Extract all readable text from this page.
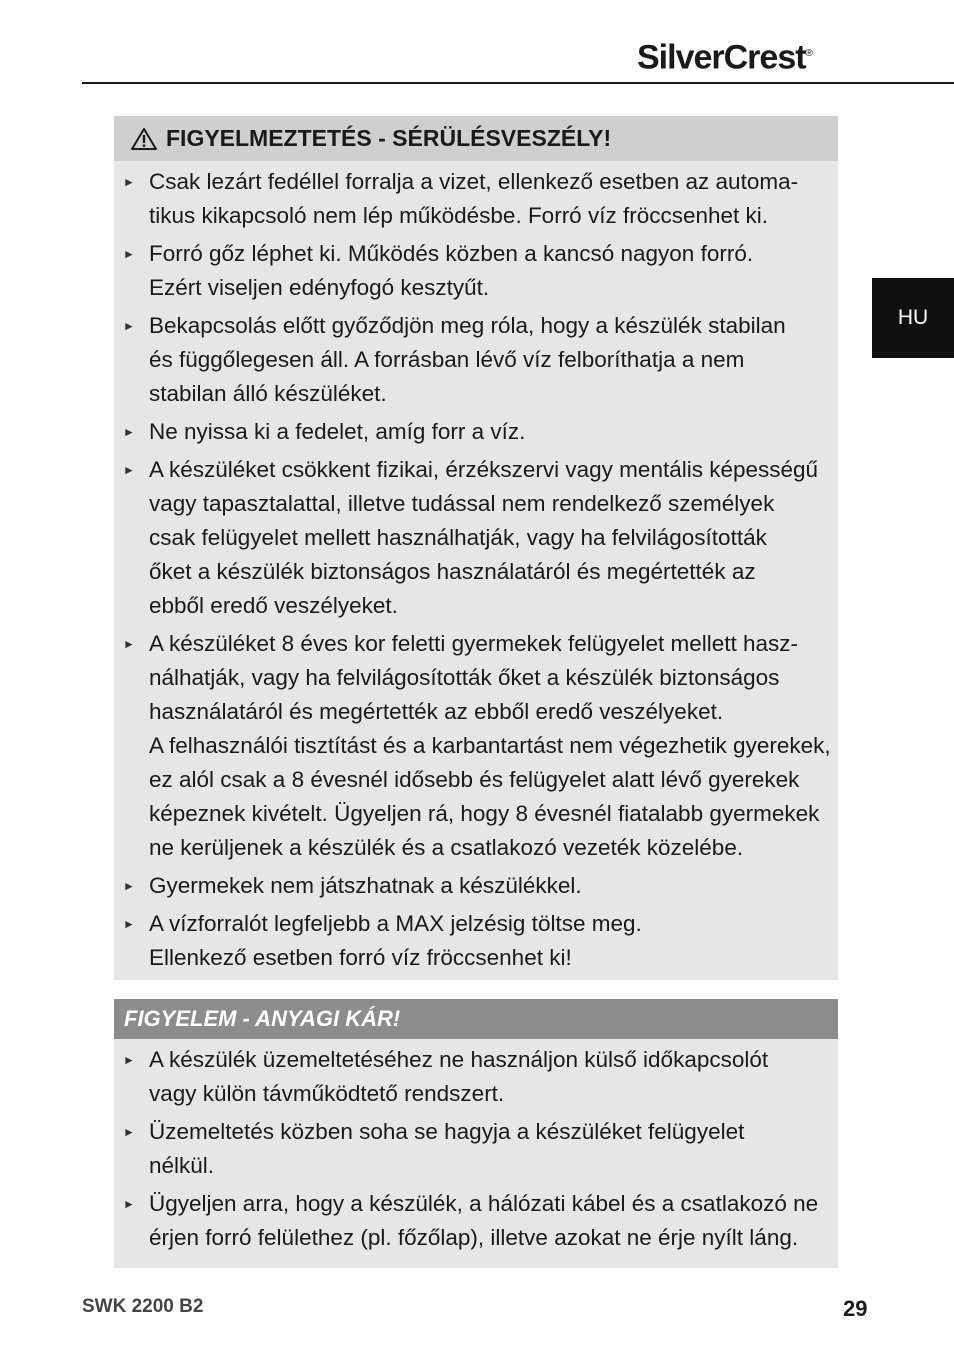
SilverCrest®
HU
FIGYELMEZTETÉS - SÉRÜLÉSVESZÉLY!
► Csak lezárt fedéllel forralja a vizet, ellenkező esetben az automa-
tikus kikapcsoló nem lép működésbe. Forró víz fröccsenhet ki.
► Forró gőz léphet ki. Működés közben a kancsó nagyon forró.
Ezért viseljen edényfogó kesztyűt.
► Bekapcsolás előtt győződjön meg róla, hogy a készülék stabilan
és függőlegesen áll. A forrásban lévő víz felboríthatja a nem
stabilan álló készüléket.
► Ne nyissa ki a fedelet, amíg forr a víz.
► A készüléket csökkent fizikai, érzékszervi vagy mentális képességű
vagy tapasztalattal, illetve tudással nem rendelkező személyek
csak felügyelet mellett használhatják, vagy ha felvilágosították
őket a készülék biztonságos használatáról és megértették az
ebből eredő veszélyeket.
► A készüléket 8 éves kor feletti gyermekek felügyelet mellett hasz-
nálhatják, vagy ha felvilágosították őket a készülék biztonságos
használatáról és megértették az ebből eredő veszélyeket.
A felhasználói tisztítást és a karbantartást nem végezhetik gyerekek,
ez alól csak a 8 évesnél idősebb és felügyelet alatt lévő gyerekek
képeznek kivételt. Ügyeljen rá, hogy 8 évesnél fiatalabb gyermekek
ne kerüljenek a készülék és a csatlakozó vezeték közelébe.
► Gyermekek nem játszhatnak a készülékkel.
► A vízforralót legfeljebb a MAX jelzésig töltse meg.
Ellenkező esetben forró víz fröccsenhet ki!
FIGYELEM - ANYAGI KÁR!
► A készülék üzemeltetéséhez ne használjon külső időkapcsolót
vagy külön távműködtető rendszert.
► Üzemeltetés közben soha se hagyja a készüléket felügyelet
nélkül.
► Ügyeljen arra, hogy a készülék, a hálózati kábel és a csatlakozó ne
érjen forró felülethez (pl. főzőlap), illetve azokat ne érje nyílt láng.
SWK 2200 B2	29
